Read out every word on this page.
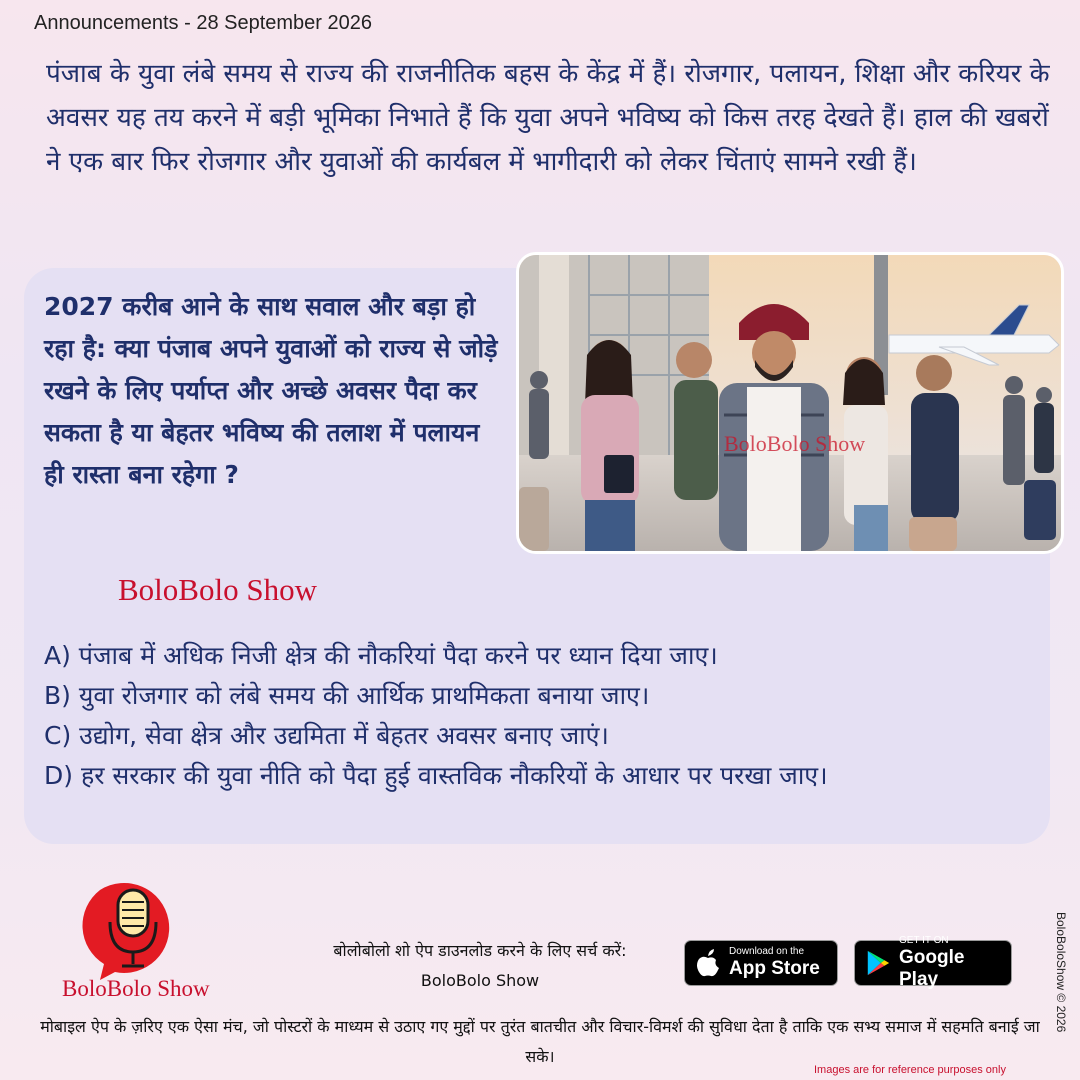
Announcements - 28 September 2026

पंजाब के युवा लंबे समय से राज्य की राजनीतिक बहस के केंद्र में हैं। रोजगार, पलायन, शिक्षा और करियर के अवसर यह तय करने में बड़ी भूमिका निभाते हैं कि युवा अपने भविष्य को किस तरह देखते हैं। हाल की खबरों ने एक बार फिर रोजगार और युवाओं की कार्यबल में भागीदारी को लेकर चिंताएं सामने रखी हैं।

2027 करीब आने के साथ सवाल और बड़ा हो रहा है: क्या पंजाब अपने युवाओं को राज्य से जोड़े रखने के लिए पर्याप्त और अच्छे अवसर पैदा कर सकता है या बेहतर भविष्य की तलाश में पलायन ही रास्ता बना रहेगा ?

BoloBolo Show
BoloBolo Show
A) पंजाब में अधिक निजी क्षेत्र की नौकरियां पैदा करने पर ध्यान दिया जाए।
B) युवा रोजगार को लंबे समय की आर्थिक प्राथमिकता बनाया जाए।
C) उद्योग, सेवा क्षेत्र और उद्यमिता में बेहतर अवसर बनाए जाएं।
D) हर सरकार की युवा नीति को पैदा हुई वास्तविक नौकरियों के आधार पर परखा जाए।
BoloBolo Show
बोलोबोलो शो ऐप डाउनलोड करने के लिए सर्च करें:
BoloBolo Show
Download on the
App Store
GET IT ON
Google Play	BoloBoloShow © 2026
मोबाइल ऐप के ज़रिए एक ऐसा मंच, जो पोस्टरों के माध्यम से उठाए गए मुद्दों पर तुरंत बातचीत और विचार-विमर्श की सुविधा देता है ताकि एक सभ्य समाज में सहमति बनाई जा सके।
Images are for reference purposes only
